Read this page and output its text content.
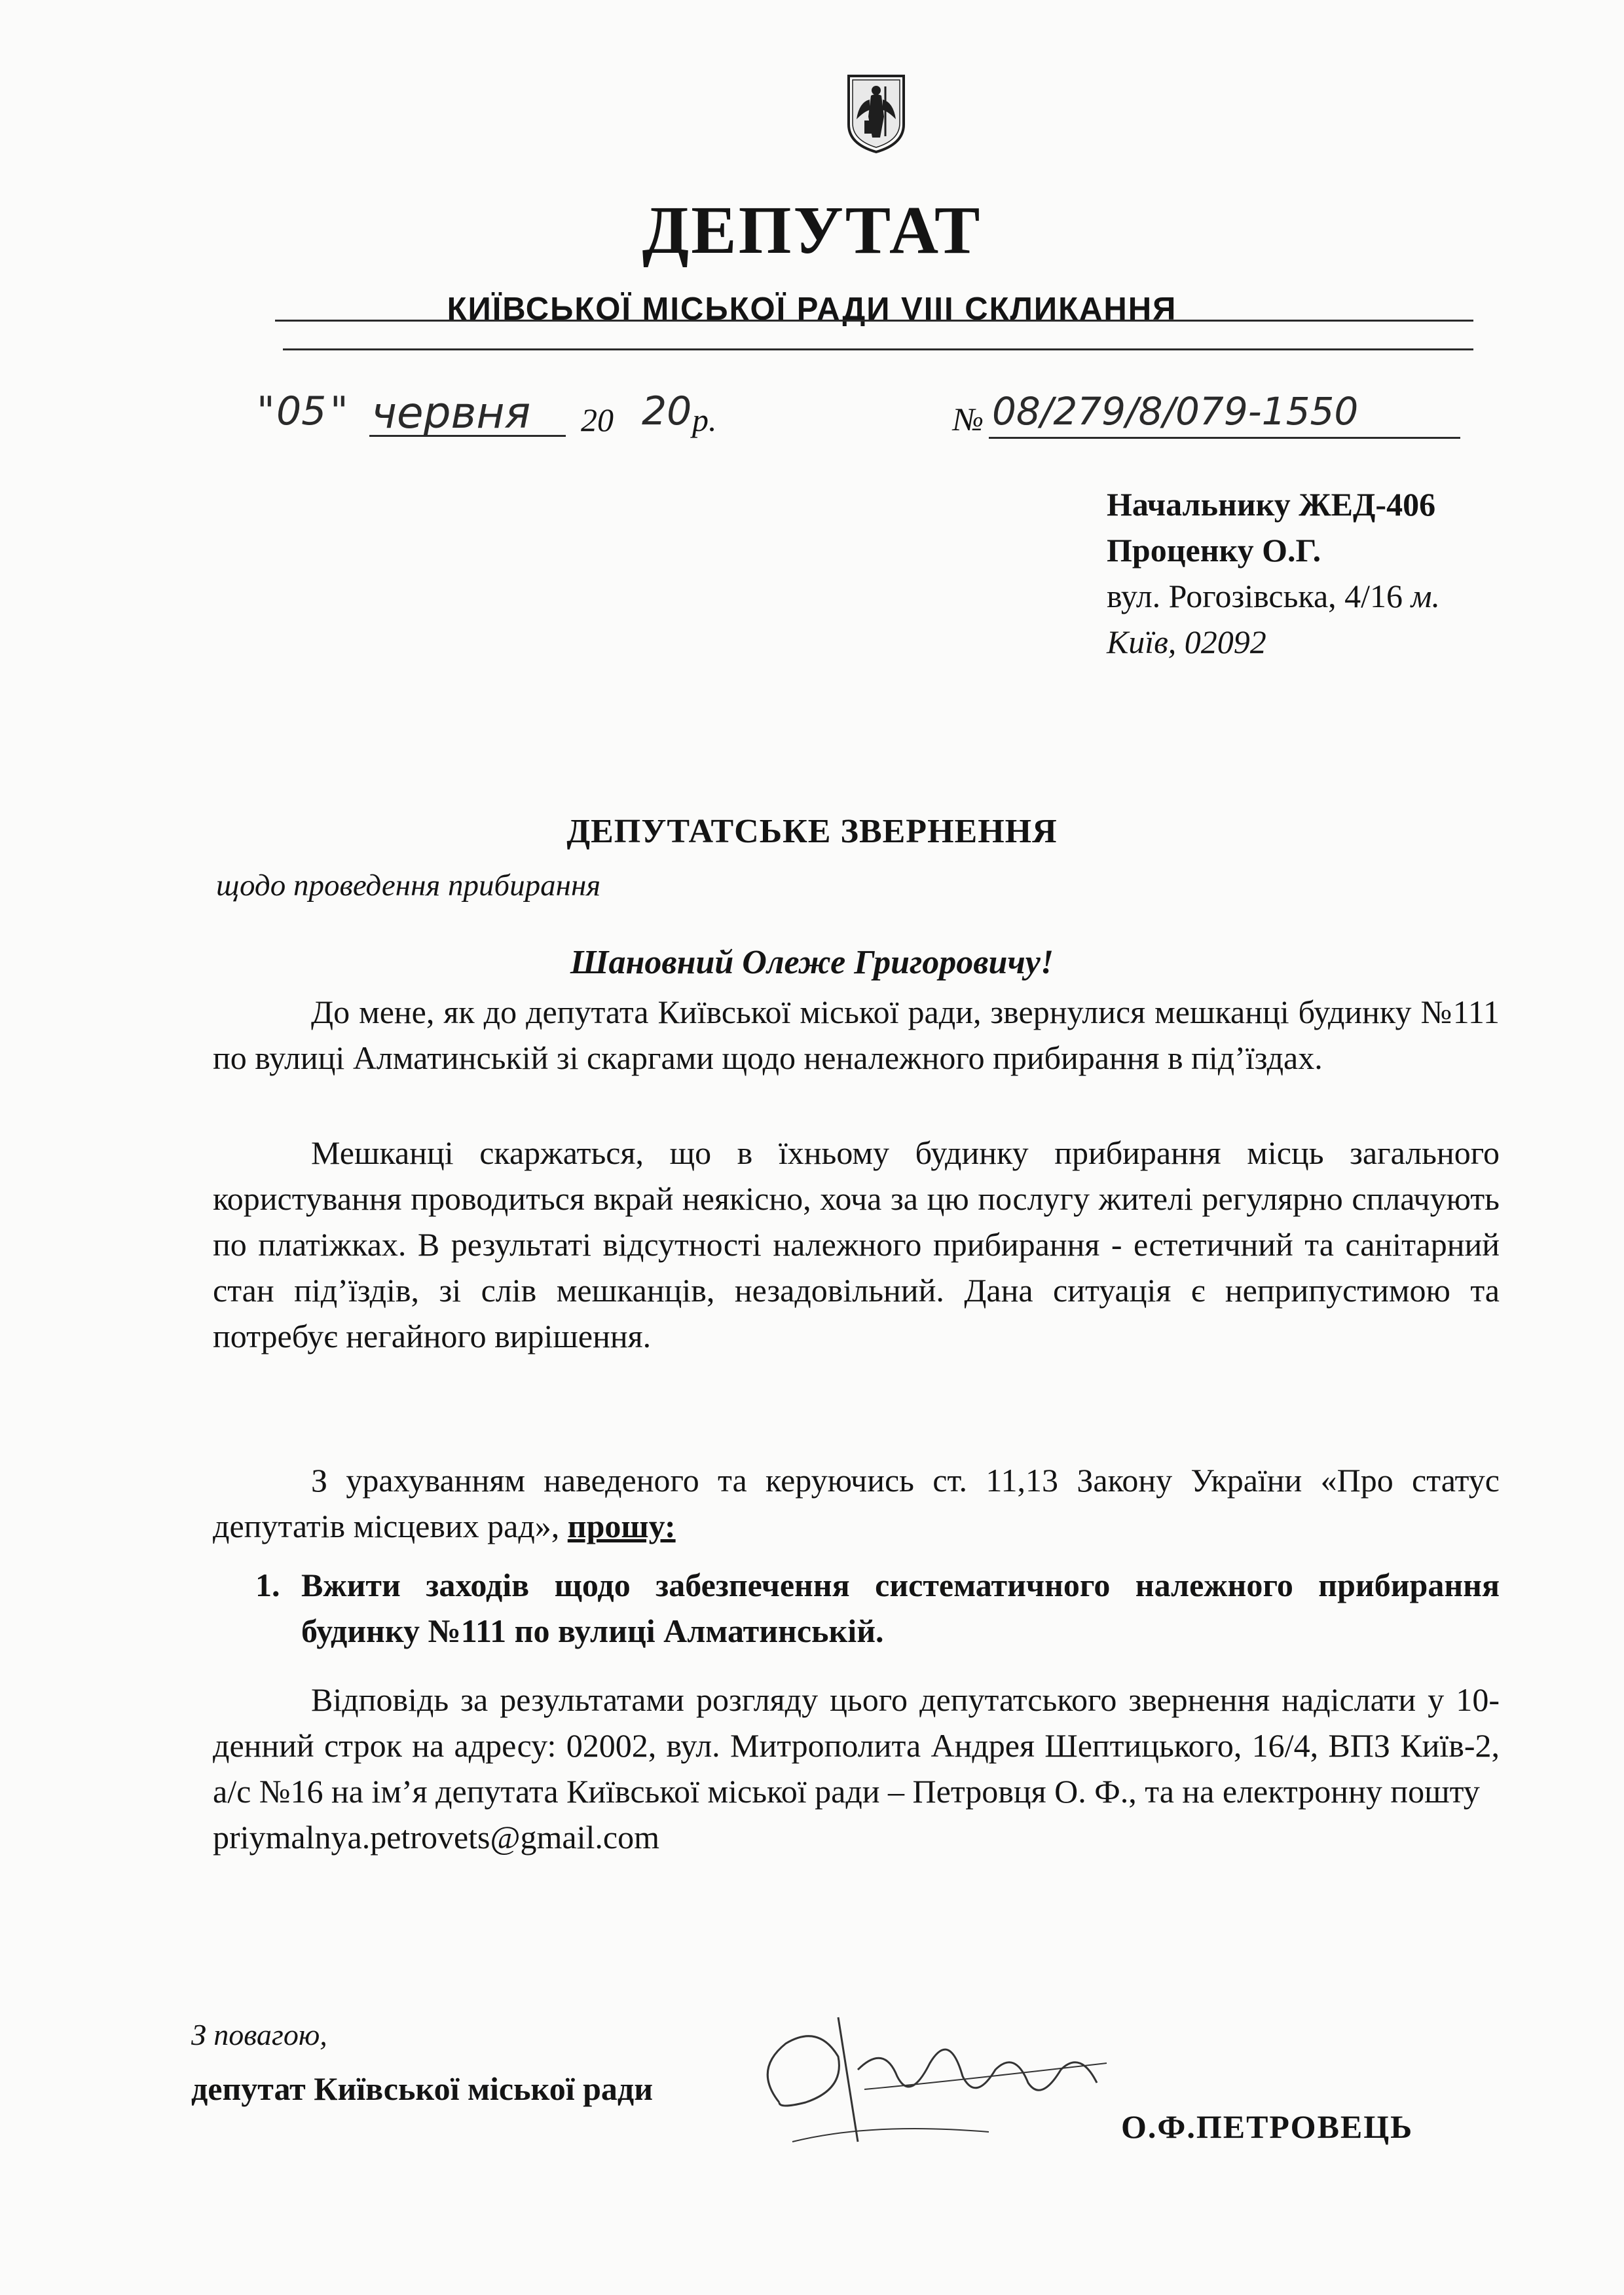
ДЕПУТАТ
КИЇВСЬКОЇ МІСЬКОЇ РАДИ VIII СКЛИКАННЯ
" 05 " червня 20 20 р.	№ 08/279/8/079-1550
Начальнику ЖЕД-406
Проценку О.Г.
вул. Рогозівська, 4/16 м.
Київ, 02092
ДЕПУТАТСЬКЕ ЗВЕРНЕННЯ
щодо проведення прибирання
Шановний Олеже Григоровичу!

До мене, як до депутата Київської міської ради, звернулися мешканці будинку №111 по вулиці Алматинській зі скаргами щодо неналежного прибирання в під’їздах.

Мешканці скаржаться, що в їхньому будинку прибирання місць загального користування проводиться вкрай неякісно, хоча за цю послугу жителі регулярно сплачують по платіжках. В результаті відсутності належного прибирання - естетичний та санітарний стан під’їздів, зі слів мешканців, незадовільний. Дана ситуація є неприпустимою та потребує негайного вирішення.

З урахуванням наведеного та керуючись ст. 11,13 Закону України «Про статус депутатів місцевих рад», прошу:

1. Вжити заходів щодо забезпечення систематичного належного прибирання будинку №111 по вулиці Алматинській.

Відповідь за результатами розгляду цього депутатського звернення надіслати у 10-денний строк на адресу: 02002, вул. Митрополита Андрея Шептицького, 16/4, ВПЗ Київ-2, а/с №16 на ім’я депутата Київської міської ради – Петровця О. Ф., та на електронну пошту

priymalnya.petrovets@gmail.com
З повагою,
депутат Київської міської ради
О.Ф.ПЕТРОВЕЦЬ
